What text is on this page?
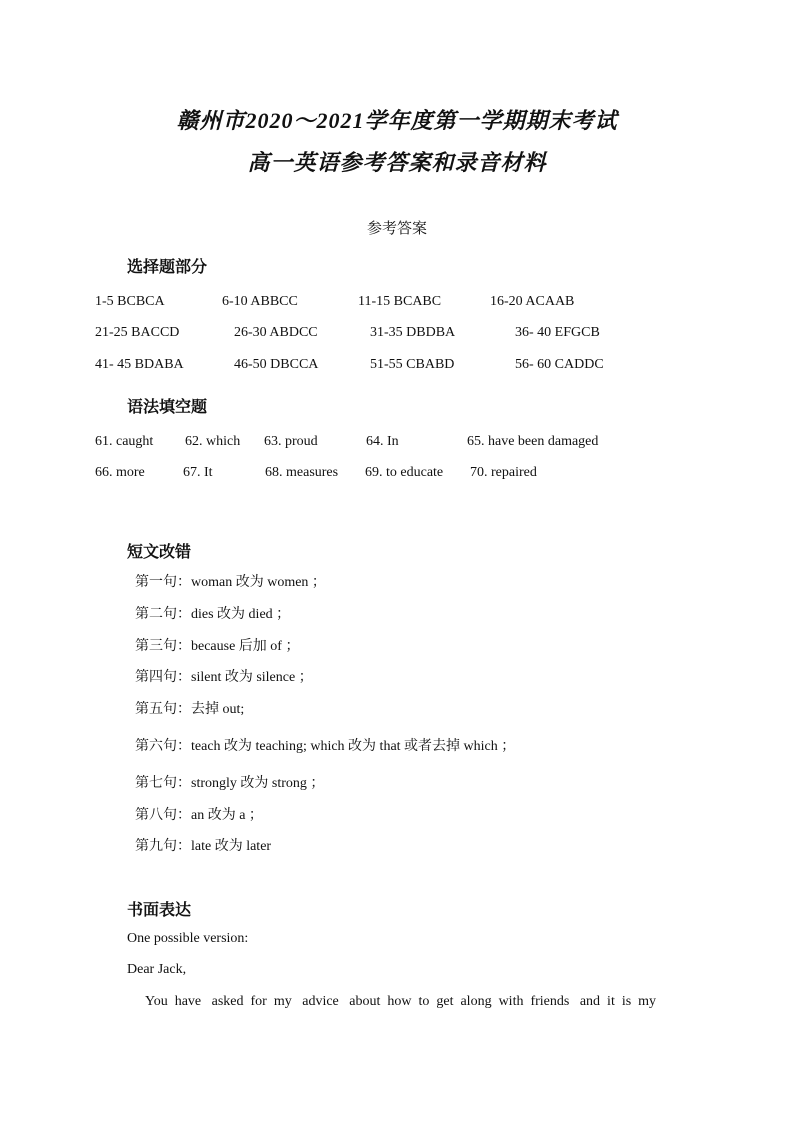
赣州市2020～2021学年度第一学期期末考试
高一英语参考答案和录音材料
参考答案
选择题部分
1-5 BCBCA	6-10 ABBCC	11-15 BCABC	16-20 ACAAB
21-25 BACCD	26-30 ABDCC	31-35 DBDBA	36- 40 EFGCB
41- 45 BDABA	46-50 DBCCA	51-55 CBABD	56- 60 CADDC
语法填空题
61. caught 62. which 63. proud	64. In	65. have been damaged
66. more	67. It	68. measures 69. to educate 70. repaired
短文改错
第一句：woman 改为 women ；
第二句：dies 改为 died ；
第三句：because 后加 of ；
第四句：silent 改为 silence ；
第五句：去掉 out;
第六句：teach 改为 teaching; which 改为 that 或者去掉 which ；
第七句：strongly 改为 strong ；
第八句：an 改为 a ；
第九句：late 改为 later
书面表达
One possible version:
Dear Jack,
You  have   asked  for  my   advice   about  how  to  get  along  with  friends   and  it  is  my
